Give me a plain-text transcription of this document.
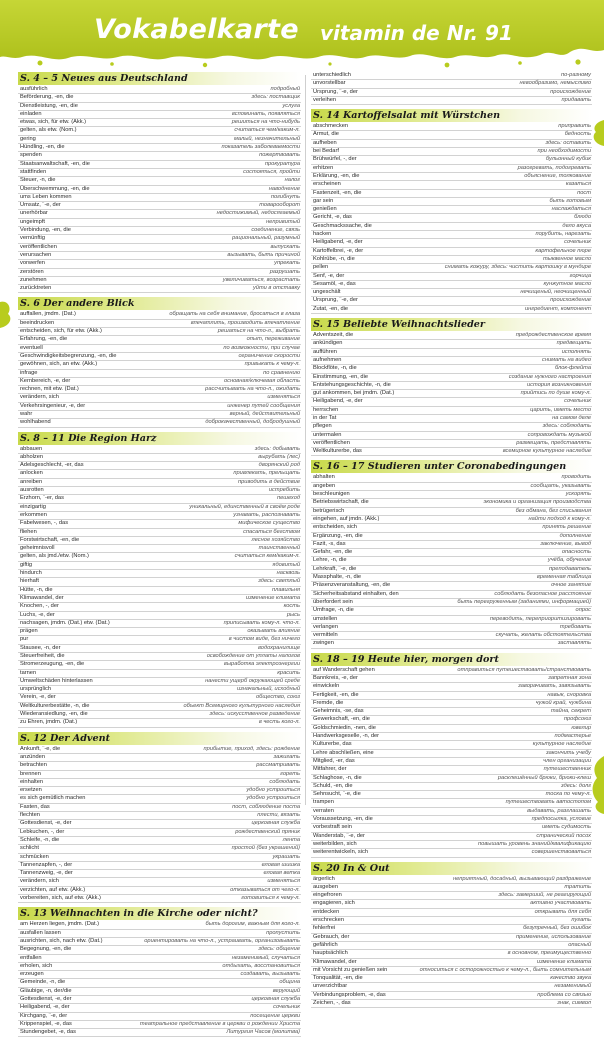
Vokabelkarte vitamin de Nr. 91
S. 4 – 5 Neues aus Deutschland
ausführlich	подробный
Beförderung, -en, die	здесь: поставщик
Dienstleistung, -en, die	услуга
einladen	вспоминать, появляться
etwas, sich, für etw. (Akk.)	решиться на что-нибудь
gelten, als etw. (Nom.)	считаться чем/каким-л.
gering	малый, незначительный
Hündling, -en, die	показатель заболеваемости
spenden	пожертвовать
Staatsanwaltschaft, -en, die	прокуратура
stattfinden	состояться, пройти
Steuer, -n, die	налог
Überschwemmung, -en, die	наводнение
ums Leben kommen	погибнуть
Umsatz, ¨-e, der	товарооборот
unerhörbar	недостижимый, недосягаемый
ungeimpft	непривитый
Verbindung, -en, die	соединение, связь
vernünftig	рациональный, разумный
veröffentlichen	выпускать
verursachen	вызывать, быть причиной
vorwerfen	упрекать
zerstören	разрушать
zunehmen	увеличиваться, возрастать
zurücktreten	уйти в отставку
S. 6 Der andere Blick
auffallen, jmdm. (Dat.)	обращать на себя внимание, бросаться в глаза
beeindrucken	впечатлить, производить впечатление
entscheiden, sich, für etw. (Akk.)	решаться на что-л., выбрать
Erfahrung, -en, die	опыт, переживание
eventuell	по возможности, при случае
Geschwindigkeitsbegrenzung, -en, die	ограничение скорости
gewöhnen, sich, an etw. (Akk.)	привыкать к чему-л.
infrage	по сравнению
Kernbereich, -e, der	основная/ключевая область
rechnen, mit etw. (Dat.)	рассчитывать на что-л., ожидать
verändern, sich	изменяться
Verkehrsingenieur, -e, der	инженер путей сообщения
wahr	верный, действительный
wohlhabend	доброкачественный, добродушный
S. 8 – 11 Die Region Harz
abbauen	здесь: добывать
abholzen	вырубать (лес)
Adelsgeschlecht, -er, das	дворянский род
anlocken	привлекать, прельщать
anreiben	приводить в действие
ausrotten	истребить
Erzhorn, ¨-er, das	пешеход
einzigartig	уникальный, единственный в своём роде
erkommen	узнавать, распознавать
Fabelwesen, -, das	мифическое существо
fliehen	спасаться бегством
Forstwirtschaft, -en, die	лесное хозяйство
geheimnisvoll	таинственный
gelten, als jmd./etw. (Nom.)	считаться кем/каким-л.
giftig	ядовитый
hindurch	насквозь
hierhaft	здесь: светлый
Hütte, -n, die	плавильня
Klimawandel, der	изменение климата
Knochen, -, der	кость
Luchs, -e, der	рысь
nachsagen, jmdm. (Dat.) etw. (Dat.)	приписывать кому-л. что-л.
prägen	оказывать влияние
pur	в чистом виде, без ничего
Stausee, -n, der	водохранилище
Steuerfreiheit, die	освобождение от уплаты налогов
Stromerzeugung, -en, die	выработка электроэнергии
tarnen	красить
Umweltschäden hinterlassen	нанести ущерб окружающей среде
ursprünglich	изначальный, исходный
Verein, -e, der	общество, союз
Weltkulturerbestätte, -n, die	объект Всемирного культурного наследия
Wiederansiedlung, -en, die	здесь: искусственное разведение
zu Ehren, jmdm. (Dat.)	в честь кого-л.
S. 12 Der Advent
Ankunft, ¨-e, die	прибытие, приход, здесь: рождение
anzünden	зажигать
betrachten	рассматривать
brennen	гореть
einhalten	соблюдать
ersetzen	удобно устроиться
es sich gemütlich machen	удобно устроиться
Fasten, das	пост, соблюдение поста
flechten	плести, вязать
Gottesdienst, -e, der	церковная служба
Lebkuchen, -, der	рождественский пряник
Schleife, -n, die	лента
schlicht	простой (без украшений)
schmücken	украшать
Tannenzapfen, -, der	еловая шишка
Tannenzweig, -e, der	еловая ветка
verändern, sich	изменяться
verzichten, auf etw. (Akk.)	отказываться от чего-л.
vorbereiten, sich, auf etw. (Akk.)	готовиться к чему-л.
S. 13 Weihnachten in die Kirche oder nicht?
am Herzen liegen, jmdm. (Dat.)	быть дорогим, важным для кого-л.
ausfallen lassen	пропустить
ausrichten, sich, nach etw. (Dat.)	ориентировать на что-л., устраивать, организовывать
Begegnung, -en, die	здесь: общение
entfallen	незаменимый, случаться
erholen, sich	отдыхать, восстановиться
erzeugen	создавать, вызывать
Gemeinde, -n, die	община
Gläubige, -n, der/die	верующий
Gottesdienst, -e, der	церковная служба
Heiligabend, -e, der	сочельник
Kirchgang, ¨-e, der	посещение церкви
Krippenspiel, -e, das	театральное представление в церкви о рождении Христа
Stundengebet, -e, das	Литургия Часов (молитва)
unterschiedlich	по-разному
unvorstellbar	невообразимо, немыслимо
Ursprung, ¨-e, der	происхождение
verleihen	придавать
S. 14 Kartoffelsalat mit Würstchen
abschmecken	приправить
Armut, die	бедность
aufheben	здесь: оставить
bei Bedarf	при необходимости
Brühwürfel, -, der	бульонный кубик
erhitzen	разогревать, подогревать
Erklärung, -en, die	объяснение, толкование
erscheinen	казаться
Fastenzeit, -en, die	пост
gar sein	быть готовым
genießen	наслаждаться
Gericht, -e, das	блюдо
Geschmackssache, die	дело вкуса
hacken	порубить, нарезать
Heiligabend, -e, der	сочельник
Kartoffelbrei, -e, der	картофельное пюре
Kohlrübe, -n, die	тыквенное масло
pellen	снимать кожуру, здесь: чистить картошку в мундире
Senf, -e, der	горчица
Sesamöl, -e, das	кунжутное масло
ungeschält	нечищеный, неочищенный
Ursprung, ¨-e, der	происхождение
Zutat, -en, die	ингредиент, компонент
S. 15 Beliebte Weihnachtslieder
Adventszeit, die	предрождественское время
ankündigen	предвещать
aufführen	исполнять
aufnehmen	снимать на видео
Blockflöte, -n, die	блок-флейта
Einstimmung, -en, die	создание нужного настроения
Entstehungsgeschichte, -n, die	история возникновения
gut ankommen, bei jmdm. (Dat.)	прийтись по душе кому-л.
Heiligabend, -e, der	сочельник
herrschen	царить, иметь место
in der Tat	на самом деле
pflegen	здесь: соблюдать
untermalen	сопровождать музыкой
veröffentlichen	размещать, представлять
Weltkulturerbe, das	всемирное культурное наследие
S. 16 – 17 Studieren unter Coronabedingungen
abhalten	проводить
angeben	сообщать, указывать
beschleunigen	ускорять
Betriebswirtschaft, die	экономика и организация производства
betrügerisch	без обмана, без списывания
eingehen, auf jmdn. (Akk.)	найти подход к кому-л.
entscheiden, sich	принять решение
Ergänzung, -en, die	дополнение
Fazit, -s, das	заключение, вывод
Gefahr, -en, die	опасность
Lehre, -n, die	учёба, обучение
Lehrkraft, ¨-e, die	преподаватель
Massphalte, -n, die	временная таблица
Präsenzveranstaltung, -en, die	очное занятие
Sicherheitsabstand einhalten, den	соблюдать безопасное расстояние
überfordert sein	быть перегруженным (заданиями, информацией)
Umfrage, -n, die	опрос
umstellen	переводить, переприоритизировать
verlangen	требовать
vermitteln	скучать, желать обстоятельства
zwingen	заставлять
S. 18 – 19 Heute hier, morgen dort
auf Wanderschaft gehen	отправиться путешествовать/странствовать
Bannkreis, -e, der	запретная зона
einwickeln	заворачивать, завязывать
Fertigkeit, -en, die	навык, сноровка
Fremde, die	чужой край, чужбина
Geheimnis, -se, das	тайна, секрет
Gewerkschaft, -en, die	профсоюз
Goldschmiedin, -nen, die	ювелир
Handwerksgeselle, -n, der	подмастерье
Kulturerbe, das	культурное наследие
Lehre abschließen, eine	закончить учебу
Mitglied, -er, das	член организации
Mitfahrer, der	путешественник
Schlaghose, -n, die	расклешённый брюки, брюки-клеш
Schuld, -en, die	здесь: долг
Sehnsucht, ¨-e, die	тоска по чему-л.
trampen	путешествовать автостопом
verraten	выдавать, разглашать
Voraussetzung, -en, die	предпосылка, условие
vorbestraft sein	иметь судимость
Wanderstab, ¨-e, der	странический посох
weiterbilden, sich	повышать уровень знаний/квалификацию
weiterentwickeln, sich	совершенствоваться
S. 20 In & Out
ärgerlich	неприятный, досадный, вызывающий раздражение
ausgeben	тратить
eingefroren	здесь: замерший, не реагирующий
engagieren, sich	активно участвовать
entdecken	открывать для себя
erschrecken	пугать
fehlerfrei	безупречный, без ошибок
Gebrauch, der	применение, использование
gefährlich	опасный
hauptsächlich	в основном, преимущественно
Klimawandel, der	изменение климата
mit Vorsicht zu genießen sein	относиться с осторожностью к чему-л., быть сомнительным
Tonqualität, -en, die	качество звука
unverzichtbar	незаменимый
Verbindungsproblem, -e, das	проблема со связью
Zeichen, -, das	знак, символ
